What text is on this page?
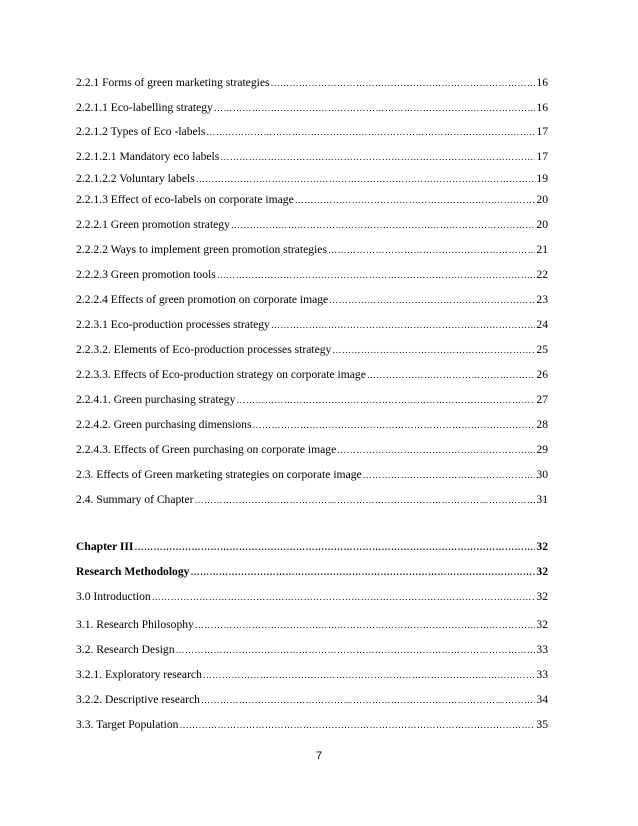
2.2.1 Forms of green marketing strategies ………………………………………………………………………………………………………………………………………………………………………………………………………………………………………………	16
2.2.1.1 Eco-labelling strategy ………………………………………………………………………………………………………………………………………………………………………………………………………………………………………………	16
2.2.1.2 Types of Eco -labels ………………………………………………………………………………………………………………………………………………………………………………………………………………………………………………	17
2.2.1.2.1 Mandatory eco labels ………………………………………………………………………………………………………………………………………………………………………………………………………………………………………………	17
2.2.1.2.2 Voluntary labels ………………………………………………………………………………………………………………………………………………………………………………………………………………………………………………	19
2.2.1.3 Effect of eco-labels on corporate image ………………………………………………………………………………………………………………………………………………………………………………………………………………………………………………	20
2.2.2.1 Green promotion strategy ………………………………………………………………………………………………………………………………………………………………………………………………………………………………………………	20
2.2.2.2 Ways to implement green promotion strategies ………………………………………………………………………………………………………………………………………………………………………………………………………………………………………………	21
2.2.2.3 Green promotion tools ………………………………………………………………………………………………………………………………………………………………………………………………………………………………………………	22
2.2.2.4 Effects of green promotion on corporate image ………………………………………………………………………………………………………………………………………………………………………………………………………………………………………………	23
2.2.3.1 Eco-production processes strategy ………………………………………………………………………………………………………………………………………………………………………………………………………………………………………………	24
2.2.3.2. Elements of Eco-production processes strategy ………………………………………………………………………………………………………………………………………………………………………………………………………………………………………………	25
2.2.3.3. Effects of Eco-production strategy on corporate image ………………………………………………………………………………………………………………………………………………………………………………………………………………………………………………	26
2.2.4.1. Green purchasing strategy ………………………………………………………………………………………………………………………………………………………………………………………………………………………………………………	27
2.2.4.2. Green purchasing dimensions ………………………………………………………………………………………………………………………………………………………………………………………………………………………………………………	28
2.2.4.3. Effects of Green purchasing on corporate image ………………………………………………………………………………………………………………………………………………………………………………………………………………………………………………	29
2.3. Effects of Green marketing strategies on corporate image ………………………………………………………………………………………………………………………………………………………………………………………………………………………………………………	30
2.4. Summary of Chapter ………………………………………………………………………………………………………………………………………………………………………………………………………………………………………………	31
Chapter III ………………………………………………………………………………………………………………………………………………………………………………………………………………………………………………	32
Research Methodology ………………………………………………………………………………………………………………………………………………………………………………………………………………………………………………	32
3.0 Introduction ………………………………………………………………………………………………………………………………………………………………………………………………………………………………………………	32
3.1. Research Philosophy ………………………………………………………………………………………………………………………………………………………………………………………………………………………………………………	32
3.2. Research Design ………………………………………………………………………………………………………………………………………………………………………………………………………………………………………………	33
3.2.1. Exploratory research ………………………………………………………………………………………………………………………………………………………………………………………………………………………………………………	33
3.2.2. Descriptive research ………………………………………………………………………………………………………………………………………………………………………………………………………………………………………………	34
3.3. Target Population ………………………………………………………………………………………………………………………………………………………………………………………………………………………………………………	35
7
